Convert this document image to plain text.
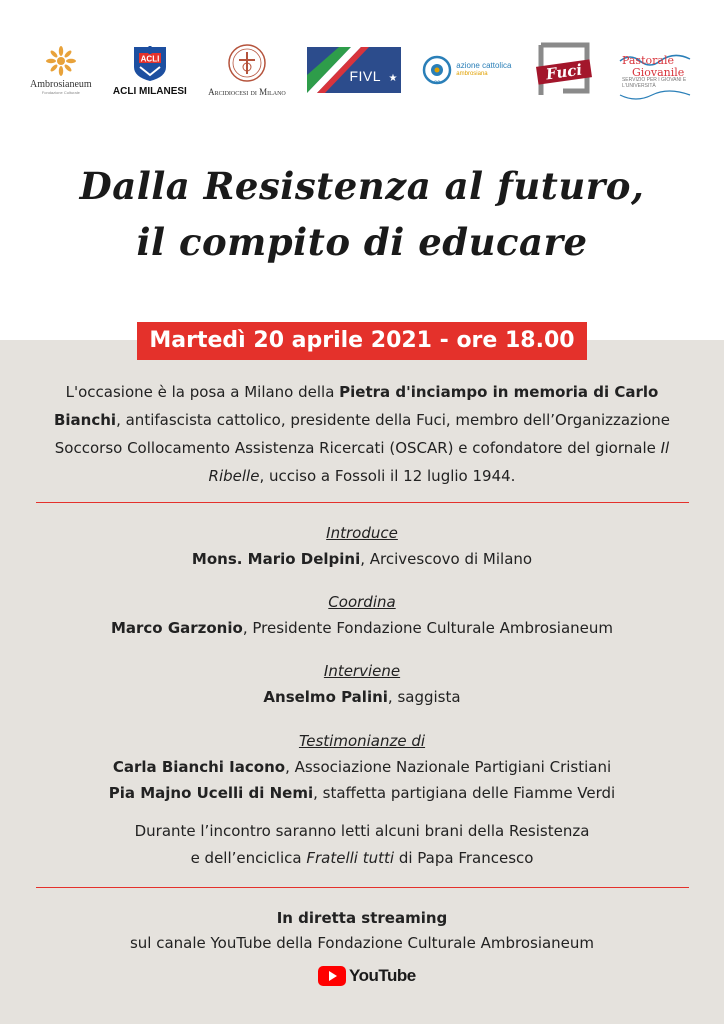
Ambrosianeum
Fondazione Culturale
ACLI
ACLI MILANESI Arcidiocesi di Milano
★
FIVL	ac
azione cattolica
ambrosiana	Fuci	Pastorale
Giovanile
SERVIZIO PER I GIOVANI E L'UNIVERSITÀ
Dalla Resistenza al futuro,
il compito di educare
Martedì 20 aprile 2021 - ore 18.00
L'occasione è la posa a Milano della Pietra d'inciampo in memoria di Carlo Bianchi, antifascista cattolico, presidente della Fuci, membro dell’Organizzazione Soccorso Collocamento Assistenza Ricercati (OSCAR) e cofondatore del giornale Il Ribelle, ucciso a Fossoli il 12 luglio 1944.
Introduce
Mons. Mario Delpini, Arcivescovo di Milano
Coordina
Marco Garzonio, Presidente Fondazione Culturale Ambrosianeum
Interviene
Anselmo Palini, saggista
Testimonianze di
Carla Bianchi Iacono, Associazione Nazionale Partigiani Cristiani
Pia Majno Ucelli di Nemi, staffetta partigiana delle Fiamme Verdi
Durante l’incontro saranno letti alcuni brani della Resistenza
e dell’enciclica Fratelli tutti di Papa Francesco
In diretta streaming
sul canale YouTube della Fondazione Culturale Ambrosianeum
YouTube
